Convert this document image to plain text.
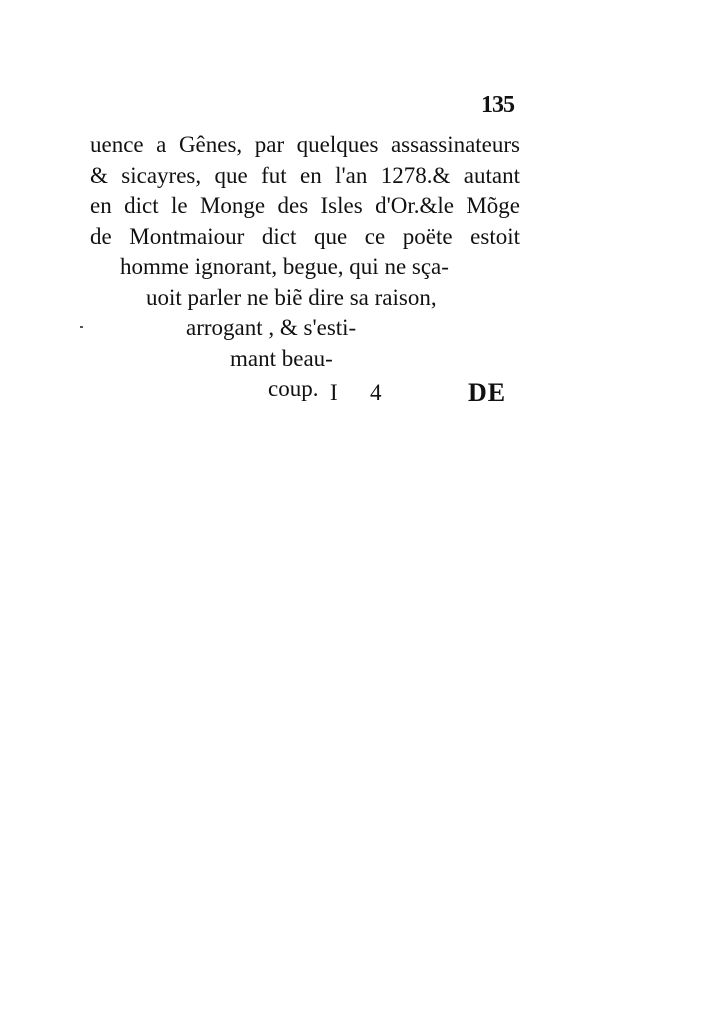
135
uence a Gênes, par quelques assassinateurs
& sicayres, que fut en l'an 1278.& autant
en dict le Monge des Isles d'Or.&le Mõge
de Montmaiour dict que ce poëte estoit
homme ignorant, begue, qui ne sça-
uoit parler ne biẽ dire sa raison,
arrogant , & s'esti-
mant beau-
coup. I 4	DE
